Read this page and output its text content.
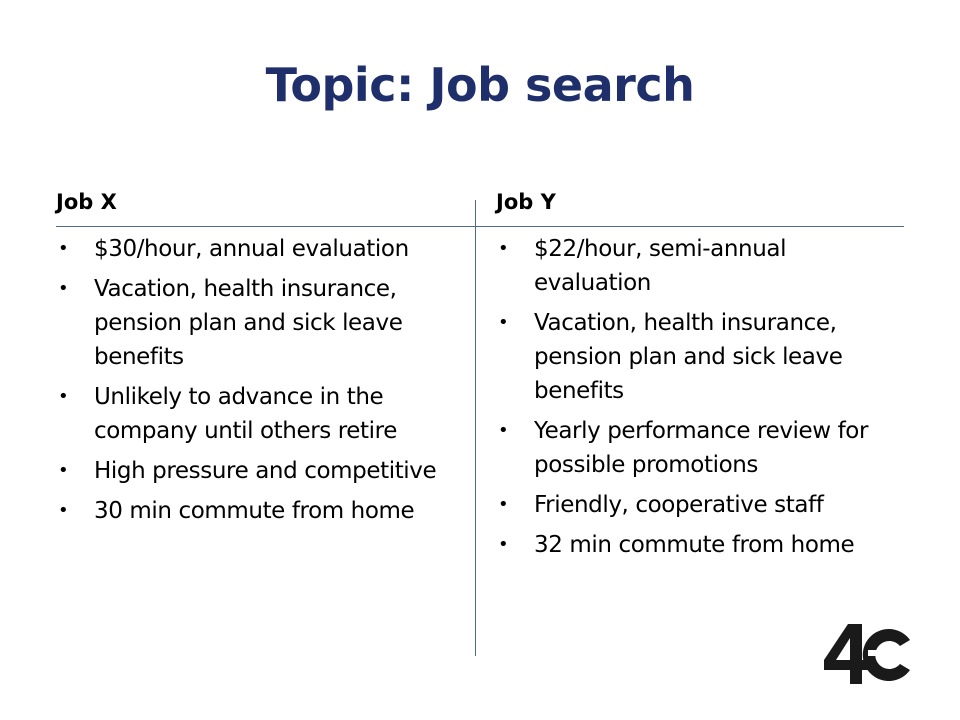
Topic: Job search
Job X	Job Y
• $30/hour, annual evaluation
• Vacation, health insurance, pension plan and sick leave benefits
• Unlikely to advance in the company until others retire
• High pressure and competitive
• 30 min commute from home
• $22/hour, semi-annual evaluation
• Vacation, health insurance, pension plan and sick leave benefits
• Yearly performance review for possible promotions
• Friendly, cooperative staff
• 32 min commute from home
